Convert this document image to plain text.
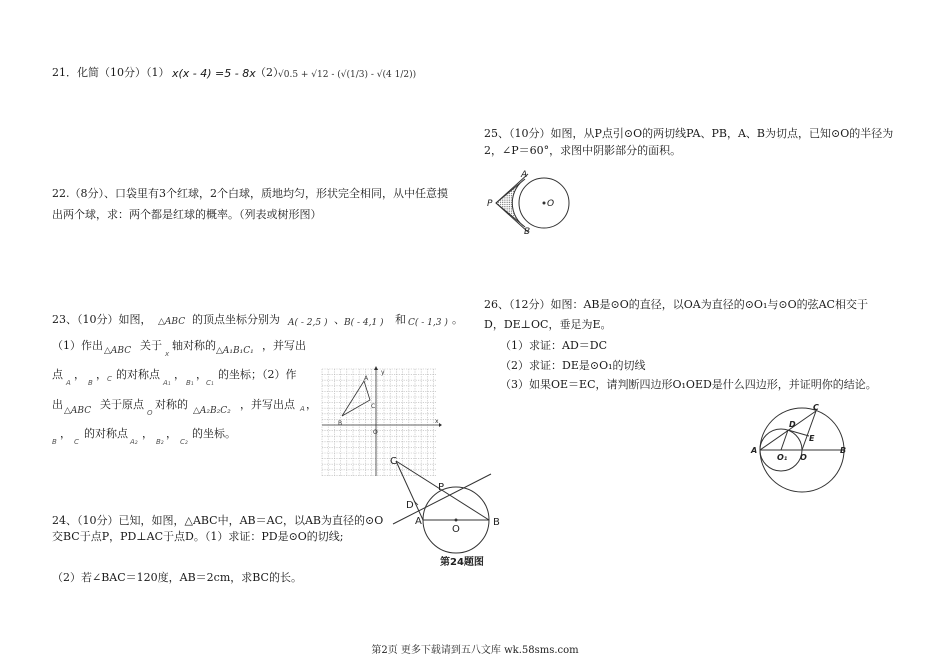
21．化简（10分）（1） x(x - 4) =5 - 8x （2）
√0.5 + √12 - (√(1/3) - √(4 1/2))
22.（8分）、口袋里有3个红球，2个白球，质地均匀，形状完全相同，从中任意摸
出两个球，求：两个都是红球的概率。（列表或树形图）
23、（10分）如图， △ABC 的顶点坐标分别为 A( - 2,5 ) 、 B( - 4,1 ) 和 C( - 1,3 ) 。
（1）作出 △ABC 关于
x
轴对称的 △A₁B₁C₁ ，并写出
点
A
，
B
， C 的对称点
A₁
，
B₁
，
C₁
的坐标；（2）作
出 △ABC 关于原点
O
对称的 △A₂B₂C₂ ，并写出点 A ，
B
，
C
的对称点
A₂
，
B₂
，
C₂
的坐标。
y
x
A
B
C
O
24、（10分）已知，如图，△ABC中，AB＝AC，以AB为直径的⊙O
交BC于点P，PD⊥AC于点D。（1）求证：PD是⊙O的切线;
（2）若∠BAC＝120度，AB＝2cm，求BC的长。
C
P
D
A	B
O
第24题图
25、（10分）如图，从P点引⊙O的两切线PA、PB，A、B为切点，已知⊙O的半径为
2，∠P＝60°，求图中阴影部分的面积。
A
P	O
B
26、（12分）如图：AB是⊙O的直径，以OA为直径的⊙O₁与⊙O的弦AC相交于
D，DE⊥OC，垂足为E。
（1）求证：AD＝DC
（2）求证：DE是⊙O₁的切线
（3）如果OE＝EC，请判断四边形O₁OED是什么四边形，并证明你的结论。
C
D
E
A
O₁ O
B
第2页 更多下载请到五八文库 wk.58sms.com
